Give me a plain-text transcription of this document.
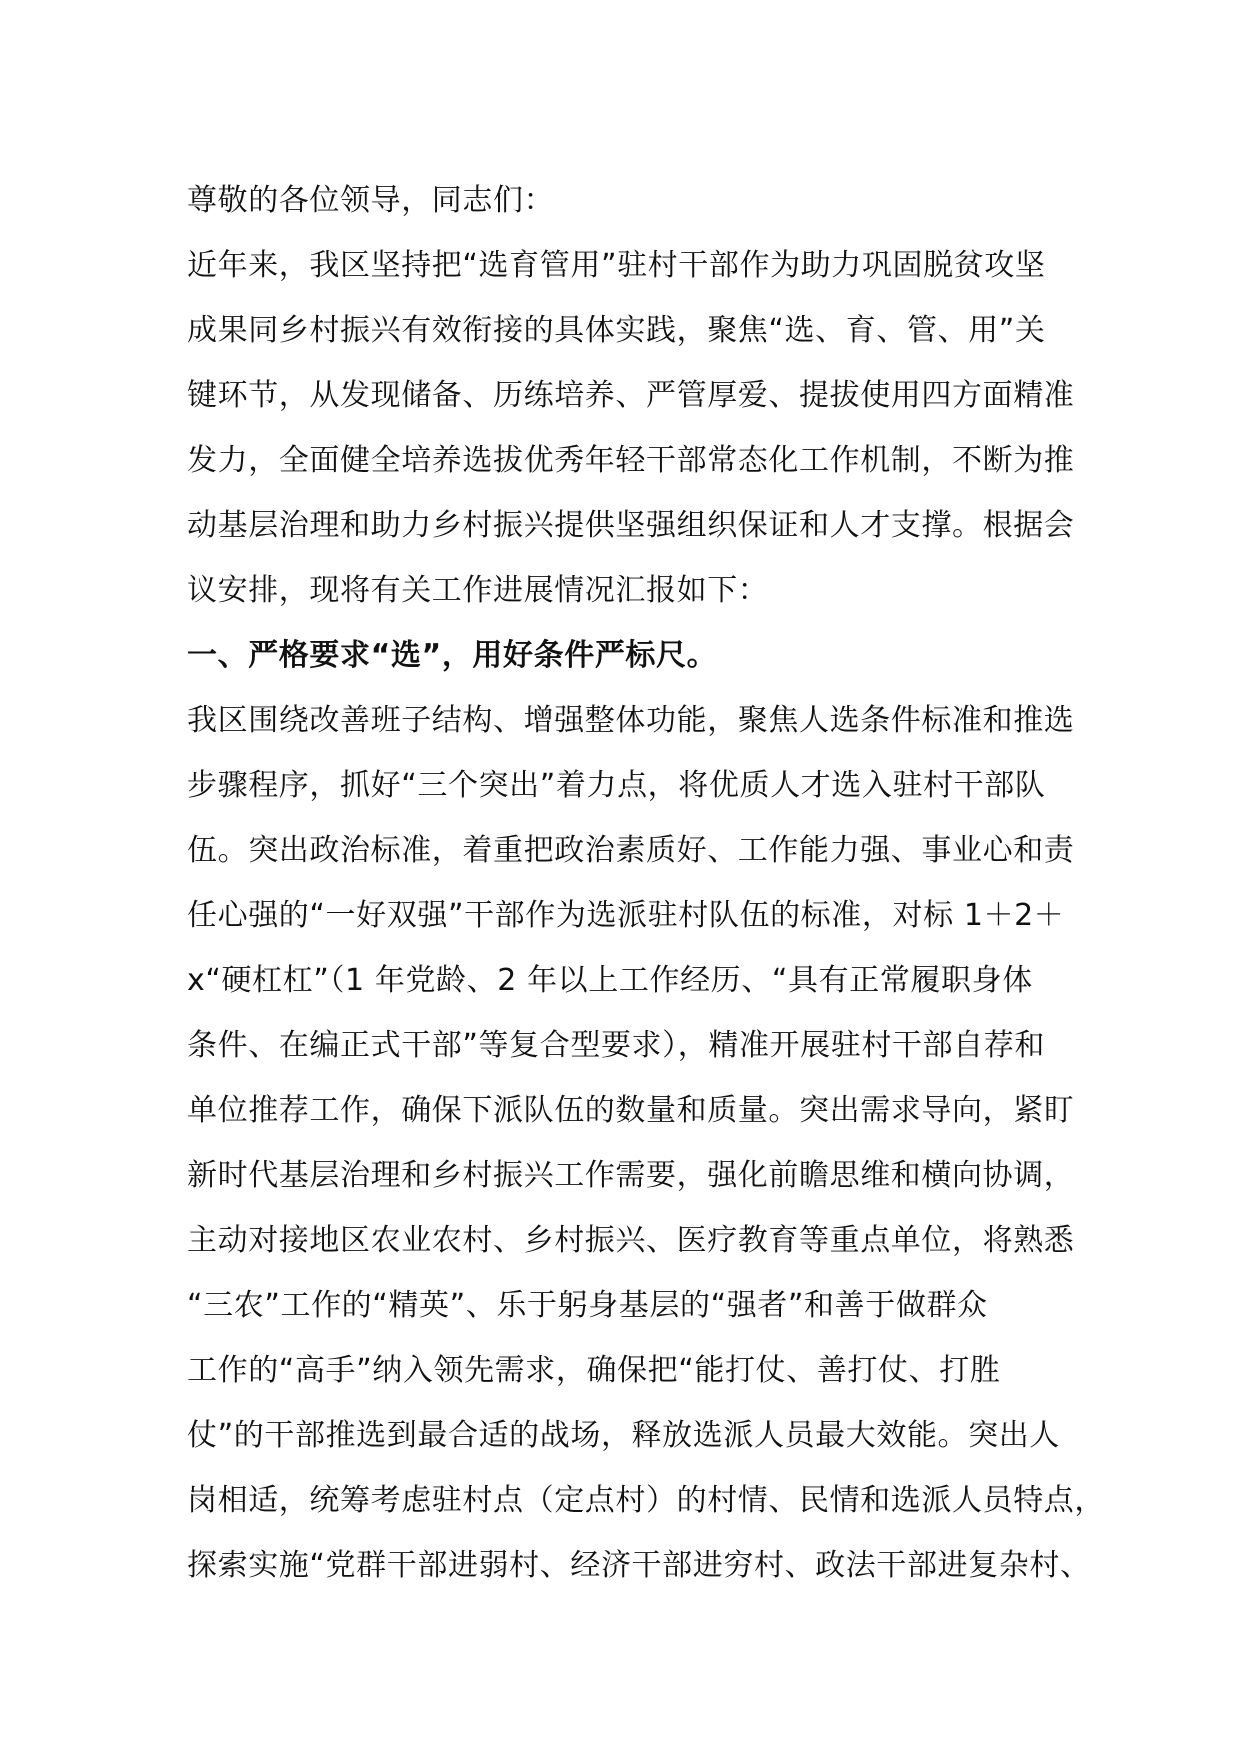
尊敬的各位领导，同志们：
近年来，我区坚持把“选育管用”驻村干部作为助力巩固脱贫攻坚
成果同乡村振兴有效衔接的具体实践，聚焦“选、育、管、用”关
键环节，从发现储备、历练培养、严管厚爱、提拔使用四方面精准
发力，全面健全培养选拔优秀年轻干部常态化工作机制，不断为推
动基层治理和助力乡村振兴提供坚强组织保证和人才支撑。根据会
议安排，现将有关工作进展情况汇报如下：
一、严格要求“选”，用好条件严标尺。
我区围绕改善班子结构、增强整体功能，聚焦人选条件标准和推选
步骤程序，抓好“三个突出”着力点，将优质人才选入驻村干部队
伍。突出政治标准，着重把政治素质好、工作能力强、事业心和责
任心强的“一好双强”干部作为选派驻村队伍的标准，对标 1＋2＋
x“硬杠杠”（1 年党龄、2 年以上工作经历、“具有正常履职身体
条件、在编正式干部”等复合型要求），精准开展驻村干部自荐和
单位推荐工作，确保下派队伍的数量和质量。突出需求导向，紧盯
新时代基层治理和乡村振兴工作需要，强化前瞻思维和横向协调，
主动对接地区农业农村、乡村振兴、医疗教育等重点单位，将熟悉
“三农”工作的“精英”、乐于躬身基层的“强者”和善于做群众
工作的“高手”纳入领先需求，确保把“能打仗、善打仗、打胜
仗”的干部推选到最合适的战场，释放选派人员最大效能。突出人
岗相适，统筹考虑驻村点（定点村）的村情、民情和选派人员特点，
探索实施“党群干部进弱村、经济干部进穷村、政法干部进复杂村、
